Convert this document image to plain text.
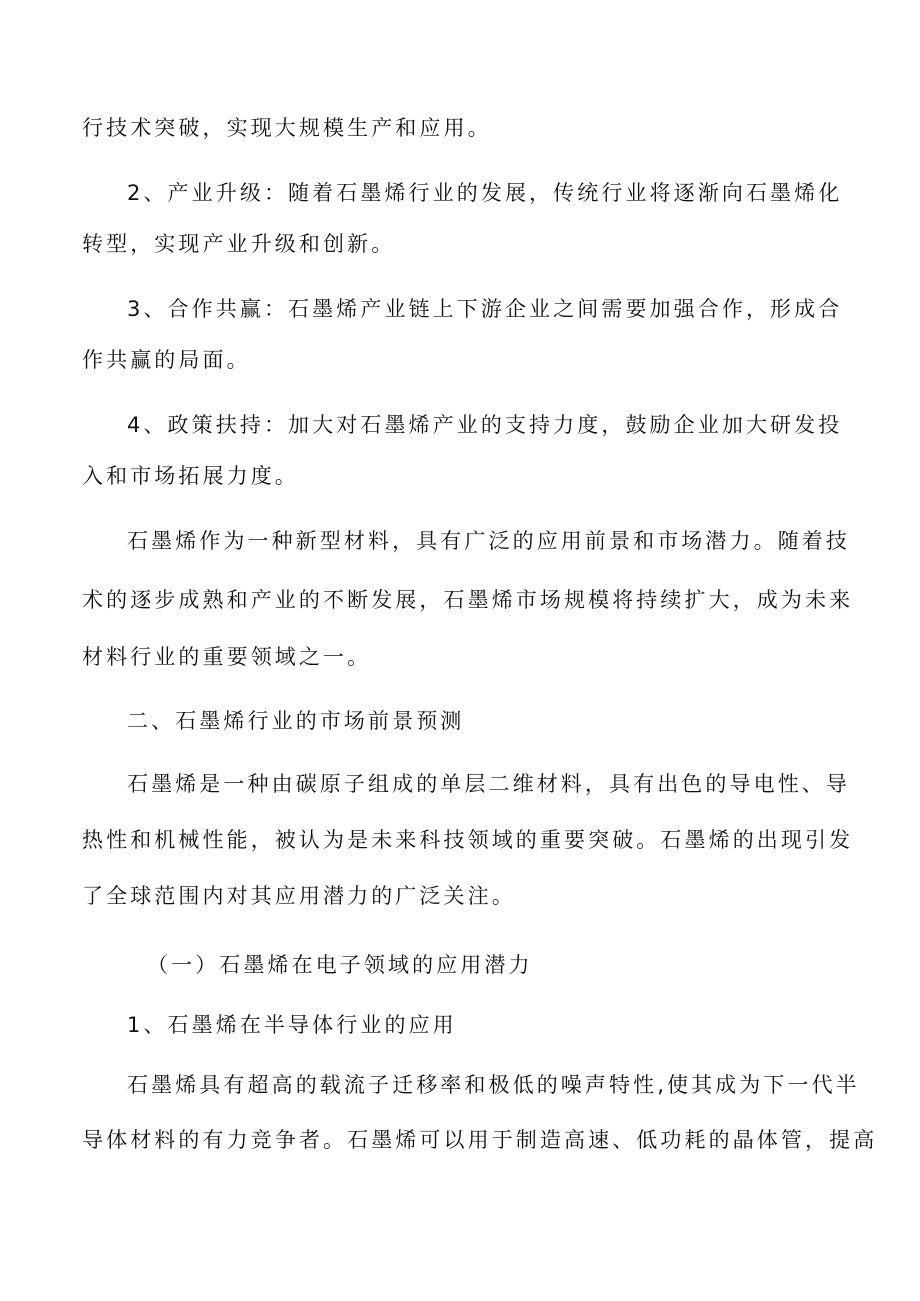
行技术突破，实现大规模生产和应用。
2、产业升级：随着石墨烯行业的发展，传统行业将逐渐向石墨烯化
转型，实现产业升级和创新。
3、合作共赢：石墨烯产业链上下游企业之间需要加强合作，形成合
作共赢的局面。
4、政策扶持：加大对石墨烯产业的支持力度，鼓励企业加大研发投
入和市场拓展力度。
石墨烯作为一种新型材料，具有广泛的应用前景和市场潜力。随着技
术的逐步成熟和产业的不断发展，石墨烯市场规模将持续扩大，成为未来
材料行业的重要领域之一。
二、石墨烯行业的市场前景预测
石墨烯是一种由碳原子组成的单层二维材料，具有出色的导电性、导
热性和机械性能，被认为是未来科技领域的重要突破。石墨烯的出现引发
了全球范围内对其应用潜力的广泛关注。
（一）石墨烯在电子领域的应用潜力
1、石墨烯在半导体行业的应用
石墨烯具有超高的载流子迁移率和极低的噪声特性,使其成为下一代半
导体材料的有力竞争者。石墨烯可以用于制造高速、低功耗的晶体管，提高
